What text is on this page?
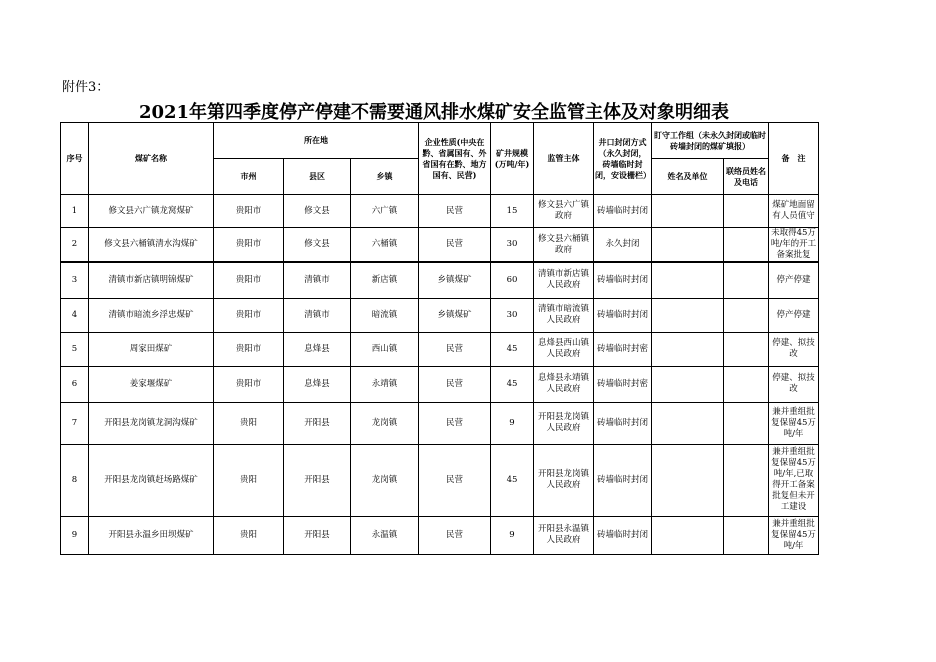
附件3：
2021年第四季度停产停建不需要通风排水煤矿安全监管主体及对象明细表
序号	煤矿名称	所在地			企业性质(中央在黔、省属国有、外省国有在黔、地方国有、民营)	矿井规模(万吨/年)	监管主体	井口封闭方式（永久封闭，砖墙临时封闭，安设栅栏）	盯守工作组（未永久封闭或临时砖墙封闭的煤矿填报）		备　注
		市州	县区	乡镇					姓名及单位	联络员姓名及电话	
1	修文县六广镇龙窝煤矿	贵阳市	修文县	六广镇	民营	15	修文县六广镇政府	砖墙临时封闭			煤矿地面留有人员值守
2	修文县六桶镇清水沟煤矿	贵阳市	修文县	六桶镇	民营	30	修文县六桶镇政府	永久封闭			未取得45万吨/年的开工备案批复
3	清镇市新店镇明锦煤矿	贵阳市	清镇市	新店镇	乡镇煤矿	60	清镇市新店镇人民政府	砖墙临时封闭			停产停建
4	清镇市暗流乡浮忠煤矿	贵阳市	清镇市	暗流镇	乡镇煤矿	30	清镇市暗流镇人民政府	砖墙临时封闭			停产停建
5	周家田煤矿	贵阳市	息烽县	西山镇	民营	45	息烽县西山镇人民政府	砖墙临时封密			停建、拟技改
6	姜家堰煤矿	贵阳市	息烽县	永靖镇	民营	45	息烽县永靖镇人民政府	砖墙临时封密			停建、拟技改
7	开阳县龙岗镇龙洞沟煤矿	贵阳	开阳县	龙岗镇	民营	9	开阳县龙岗镇人民政府	砖墙临时封闭			兼并重组批复保留45万吨/年
8	开阳县龙岗镇赶场路煤矿	贵阳	开阳县	龙岗镇	民营	45	开阳县龙岗镇人民政府	砖墙临时封闭			兼并重组批复保留45万吨/年,已取得开工备案批复但未开工建设
9	开阳县永温乡田坝煤矿	贵阳	开阳县	永温镇	民营	9	开阳县永温镇人民政府	砖墙临时封闭			兼并重组批复保留45万吨/年
